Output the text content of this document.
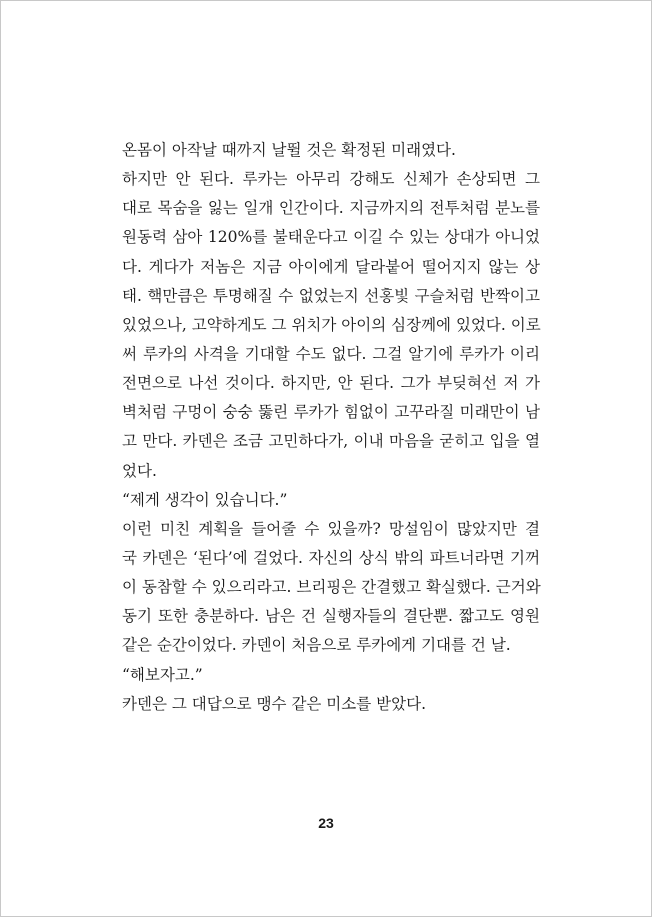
온몸이 아작날 때까지 날뛸 것은 확정된 미래였다.
하지만 안 된다. 루카는 아무리 강해도 신체가 손상되면 그
대로 목숨을 잃는 일개 인간이다. 지금까지의 전투처럼 분노를
원동력 삼아 120%를 불태운다고 이길 수 있는 상대가 아니었
다. 게다가 저놈은 지금 아이에게 달라붙어 떨어지지 않는 상
태. 핵만큼은 투명해질 수 없었는지 선홍빛 구슬처럼 반짝이고
있었으나, 고약하게도 그 위치가 아이의 심장께에 있었다. 이로
써 루카의 사격을 기대할 수도 없다. 그걸 알기에 루카가 이리
전면으로 나선 것이다. 하지만, 안 된다. 그가 부딪혀선 저 가
벽처럼 구멍이 숭숭 뚫린 루카가 힘없이 고꾸라질 미래만이 남
고 만다. 카덴은 조금 고민하다가, 이내 마음을 굳히고 입을 열
었다.
“제게 생각이 있습니다.”
이런 미친 계획을 들어줄 수 있을까? 망설임이 많았지만 결
국 카덴은 ‘된다’에 걸었다. 자신의 상식 밖의 파트너라면 기꺼
이 동참할 수 있으리라고. 브리핑은 간결했고 확실했다. 근거와
동기 또한 충분하다. 남은 건 실행자들의 결단뿐. 짧고도 영원
같은 순간이었다. 카덴이 처음으로 루카에게 기대를 건 날.
“해보자고.”
카덴은 그 대답으로 맹수 같은 미소를 받았다.
23
